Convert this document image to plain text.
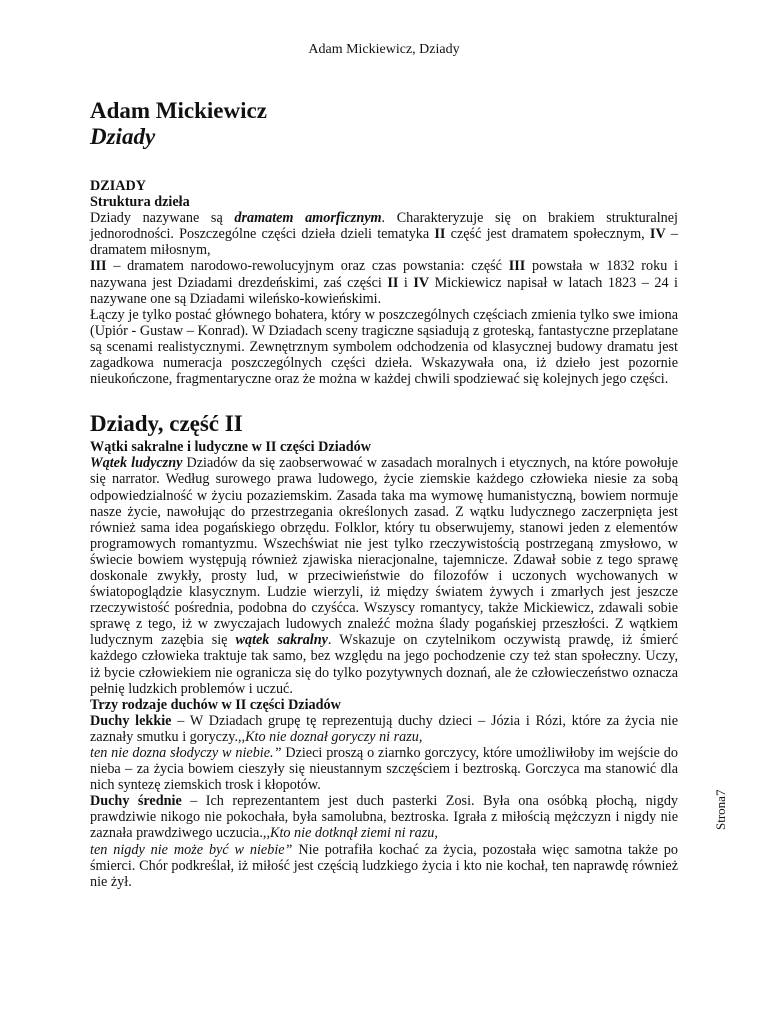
Adam Mickiewicz, Dziady
Strona7
Adam Mickiewicz
Dziady
DZIADY
Struktura dzieła

Dziady nazywane są dramatem amorficznym. Charakteryzuje się on brakiem strukturalnej jednorodności. Poszczególne części dzieła dzieli tematyka II część jest dramatem społecznym, IV – dramatem miłosnym,

III – dramatem narodowo-rewolucyjnym oraz czas powstania: część III powstała w 1832 roku i nazywana jest Dziadami drezdeńskimi, zaś części II i IV Mickiewicz napisał w latach 1823 – 24 i nazywane one są Dziadami wileńsko-kowieńskimi.

Łączy je tylko postać głównego bohatera, który w poszczególnych częściach zmienia tylko swe imiona (Upiór - Gustaw – Konrad). W Dziadach sceny tragiczne sąsiadują z groteską, fantastyczne przeplatane są scenami realistycznymi. Zewnętrznym symbolem odchodzenia od klasycznej budowy dramatu jest zagadkowa numeracja poszczególnych części dzieła. Wskazywała ona, iż dzieło jest pozornie nieukończone, fragmentaryczne oraz że można w każdej chwili spodziewać się kolejnych jego części.

Dziady, część II
Wątki sakralne i ludyczne w II części Dziadów

Wątek ludyczny Dziadów da się zaobserwować w zasadach moralnych i etycznych, na które powołuje się narrator. Według surowego prawa ludowego, życie ziemskie każdego człowieka niesie za sobą odpowiedzialność w życiu pozaziemskim. Zasada taka ma wymowę humanistyczną, bowiem normuje nasze życie, nawołując do przestrzegania określonych zasad. Z wątku ludycznego zaczerpnięta jest również sama idea pogańskiego obrzędu. Folklor, który tu obserwujemy, stanowi jeden z elementów programowych romantyzmu. Wszechświat nie jest tylko rzeczywistością postrzeganą zmysłowo, w świecie bowiem występują również zjawiska nieracjonalne, tajemnicze. Zdawał sobie z tego sprawę doskonale zwykły, prosty lud, w przeciwieństwie do filozofów i uczonych wychowanych w światopoglądzie klasycznym. Ludzie wierzyli, iż między światem żywych i zmarłych jest jeszcze rzeczywistość pośrednia, podobna do czyśćca. Wszyscy romantycy, także Mickiewicz, zdawali sobie sprawę z tego, iż w zwyczajach ludowych znaleźć można ślady pogańskiej przeszłości. Z wątkiem ludycznym zazębia się wątek sakralny. Wskazuje on czytelnikom oczywistą prawdę, iż śmierć każdego człowieka traktuje tak samo, bez względu na jego pochodzenie czy też stan społeczny. Uczy, iż bycie człowiekiem nie ogranicza się do tylko pozytywnych doznań, ale że człowieczeństwo oznacza pełnię ludzkich problemów i uczuć.

Trzy rodzaje duchów w II części Dziadów

Duchy lekkie – W Dziadach grupę tę reprezentują duchy dzieci – Józia i Rózi, które za życia nie zaznały smutku i goryczy.,,Kto nie doznał goryczy ni razu,
ten nie dozna słodyczy w niebie.” Dzieci proszą o ziarnko gorczycy, które umożliwiłoby im wejście do nieba – za życia bowiem cieszyły się nieustannym szczęściem i beztroską. Gorczyca ma stanowić dla nich syntezę ziemskich trosk i kłopotów.

Duchy średnie – Ich reprezentantem jest duch pasterki Zosi. Była ona osóbką płochą, nigdy prawdziwie nikogo nie pokochała, była samolubna, beztroska. Igrała z miłością mężczyzn i nigdy nie zaznała prawdziwego uczucia.,,Kto nie dotknął ziemi ni razu,
ten nigdy nie może być w niebie” Nie potrafiła kochać za życia, pozostała więc samotna także po śmierci. Chór podkreślał, iż miłość jest częścią ludzkiego życia i kto nie kochał, ten naprawdę również nie żył.
